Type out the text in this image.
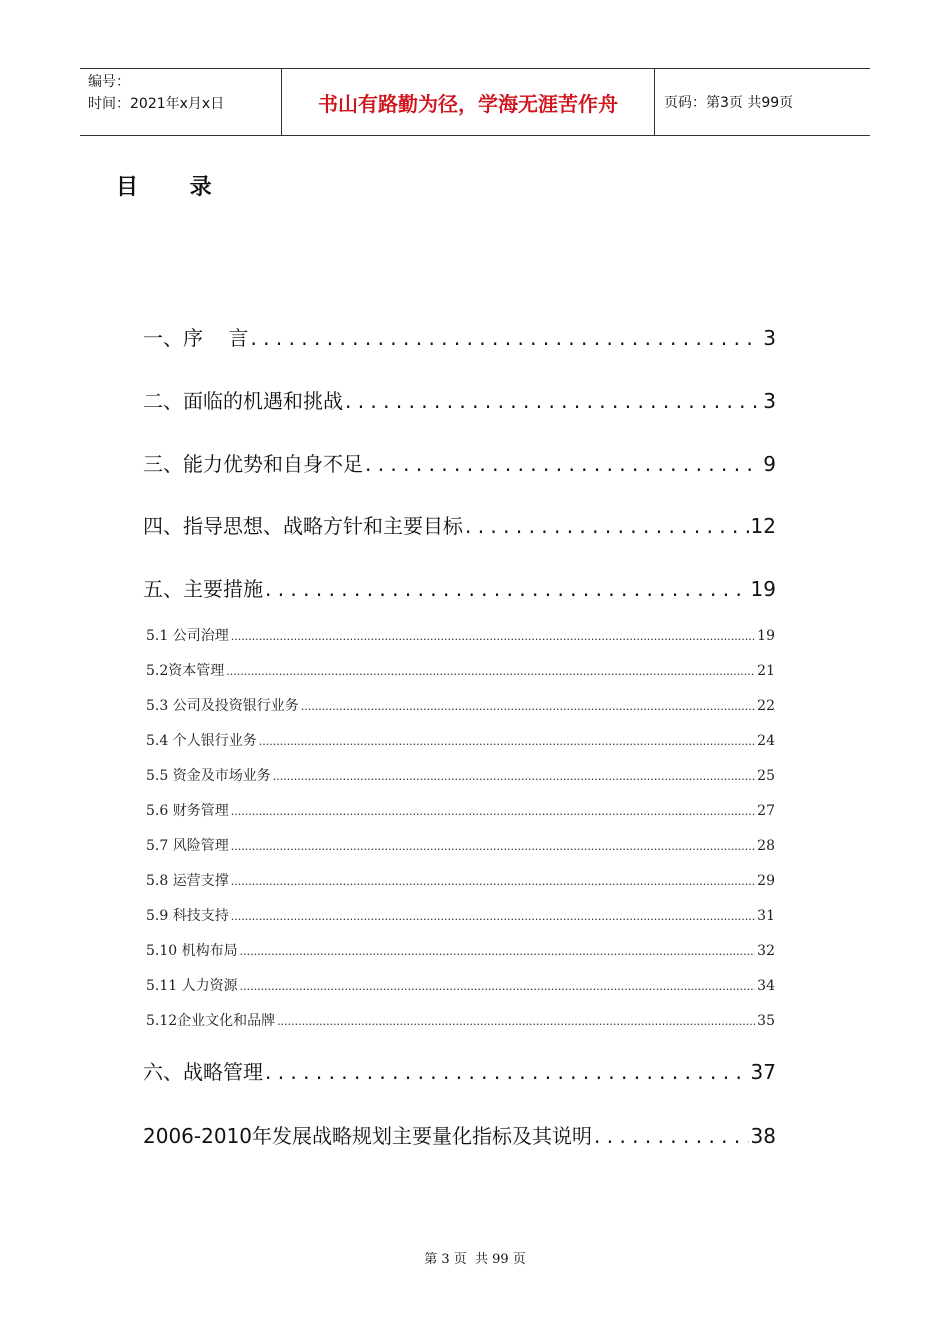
编号：
时间：2021年x月x日	书山有路勤为径，学海无涯苦作舟	页码：第3页 共99页
目 录
一、序    言 . . .	3
二、面临的机遇和挑战 . . .	3
三、能力优势和自身不足 . . .	9
四、指导思想、战略方针和主要目标 . . .	12
五、主要措施 . . .	19
5.1 公司治理 .....	19
5.2资本管理 .....	21
5.3 公司及投资银行业务 .....	22
5.4 个人银行业务 .....	24
5.5 资金及市场业务 .....	25
5.6 财务管理 .....	27
5.7 风险管理 .....	28
5.8 运营支撑 .....	29
5.9 科技支持 .....	31
5.10 机构布局 .....	32
5.11 人力资源 .....	34
5.12企业文化和品牌 .....	35
六、战略管理 . . .	37
2006-2010年发展战略规划主要量化指标及其说明 . . .	38
第 3 页  共 99 页
